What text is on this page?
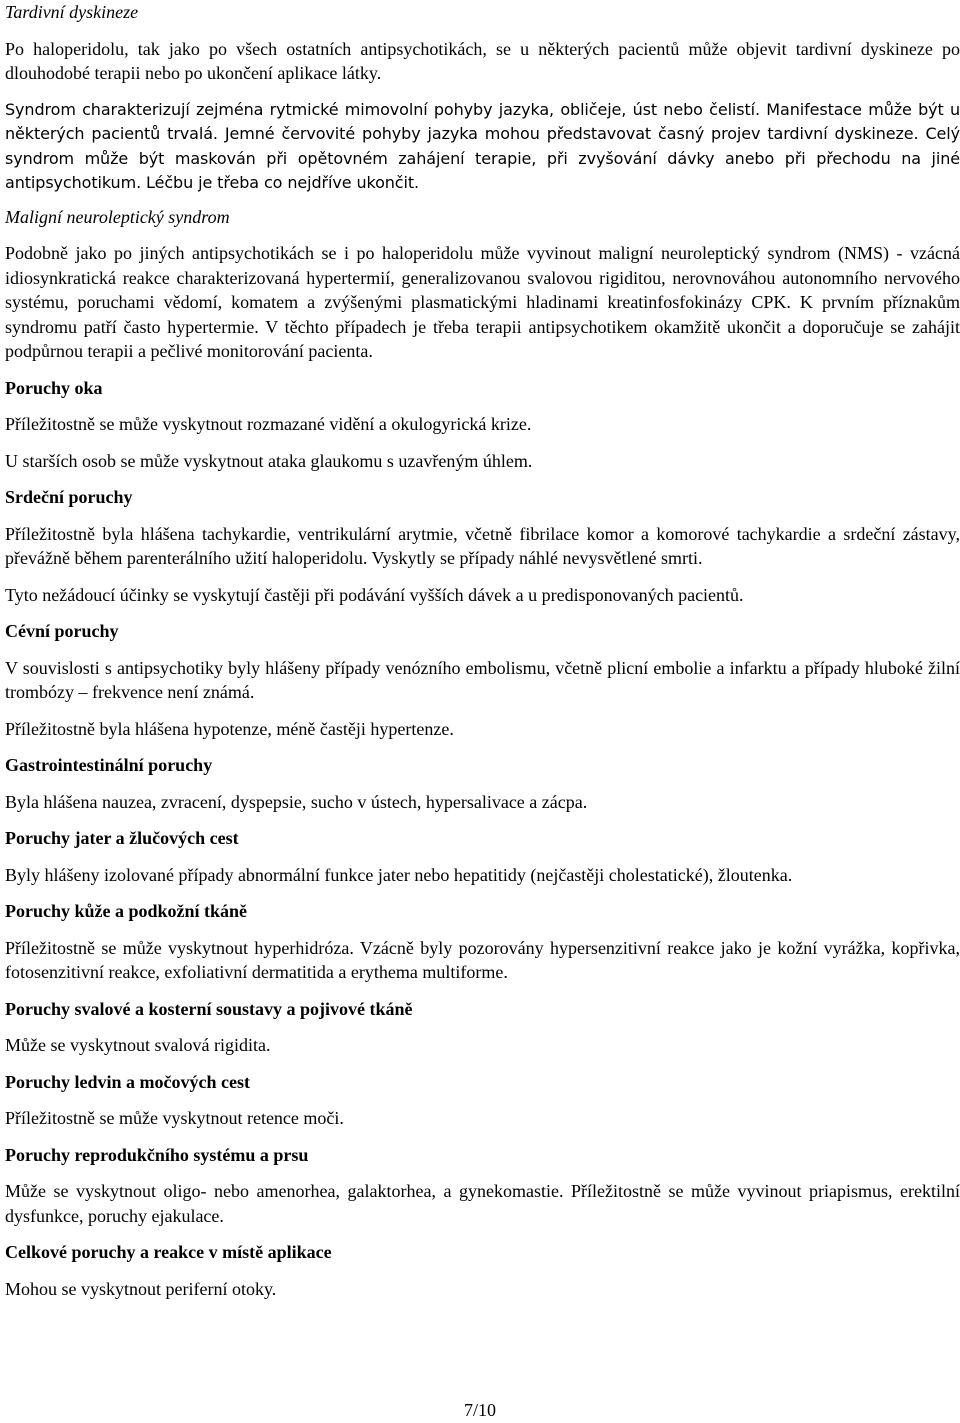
Tardivní dyskineze

Po haloperidolu, tak jako po všech ostatních antipsychotikách, se u některých pacientů může objevit tardivní dyskineze po dlouhodobé terapii nebo po ukončení aplikace látky.

Syndrom charakterizují zejména rytmické mimovolní pohyby jazyka, obličeje, úst nebo čelistí. Manifestace může být u některých pacientů trvalá. Jemné červovité pohyby jazyka mohou představovat časný projev tardivní dyskineze. Celý syndrom může být maskován při opětovném zahájení terapie, při zvyšování dávky anebo při přechodu na jiné antipsychotikum. Léčbu je třeba co nejdříve ukončit.

Maligní neuroleptický syndrom

Podobně jako po jiných antipsychotikách se i po haloperidolu může vyvinout maligní neuroleptický syndrom (NMS) - vzácná idiosynkratická reakce charakterizovaná hypertermií, generalizovanou svalovou rigiditou, nerovnováhou autonomního nervového systému, poruchami vědomí, komatem a zvýšenými plasmatickými hladinami kreatinfosfokinázy CPK. K prvním příznakům syndromu patří často hypertermie. V těchto případech je třeba terapii antipsychotikem okamžitě ukončit a doporučuje se zahájit podpůrnou terapii a pečlivé monitorování pacienta.

Poruchy oka

Příležitostně se může vyskytnout rozmazané vidění a okulogyrická krize.

U starších osob se může vyskytnout ataka glaukomu s uzavřeným úhlem.

Srdeční poruchy

Příležitostně byla hlášena tachykardie, ventrikulární arytmie, včetně fibrilace komor a komorové tachykardie a srdeční zástavy, převážně během parenterálního užití haloperidolu. Vyskytly se případy náhlé nevysvětlené smrti.

Tyto nežádoucí účinky se vyskytují častěji při podávání vyšších dávek a u predisponovaných pacientů.

Cévní poruchy

V souvislosti s antipsychotiky byly hlášeny případy venózního embolismu, včetně plicní embolie a infarktu a případy hluboké žilní trombózy – frekvence není známá.

Příležitostně byla hlášena hypotenze, méně častěji hypertenze.

Gastrointestinální poruchy

Byla hlášena nauzea, zvracení, dyspepsie, sucho v ústech, hypersalivace a zácpa.

Poruchy jater a žlučových cest

Byly hlášeny izolované případy abnormální funkce jater nebo hepatitidy (nejčastěji cholestatické), žloutenka.

Poruchy kůže a podkožní tkáně

Příležitostně se může vyskytnout hyperhidróza. Vzácně byly pozorovány hypersenzitivní reakce jako je kožní vyrážka, kopřivka, fotosenzitivní reakce, exfoliativní dermatitida a erythema multiforme.

Poruchy svalové a kosterní soustavy a pojivové tkáně

Může se vyskytnout svalová rigidita.

Poruchy ledvin a močových cest

Příležitostně se může vyskytnout retence moči.

Poruchy reprodukčního systému a prsu

Může se vyskytnout oligo- nebo amenorhea, galaktorhea, a gynekomastie. Příležitostně se může vyvinout priapismus, erektilní dysfunkce, poruchy ejakulace.

Celkové poruchy a reakce v místě aplikace

Mohou se vyskytnout periferní otoky.

7/10
